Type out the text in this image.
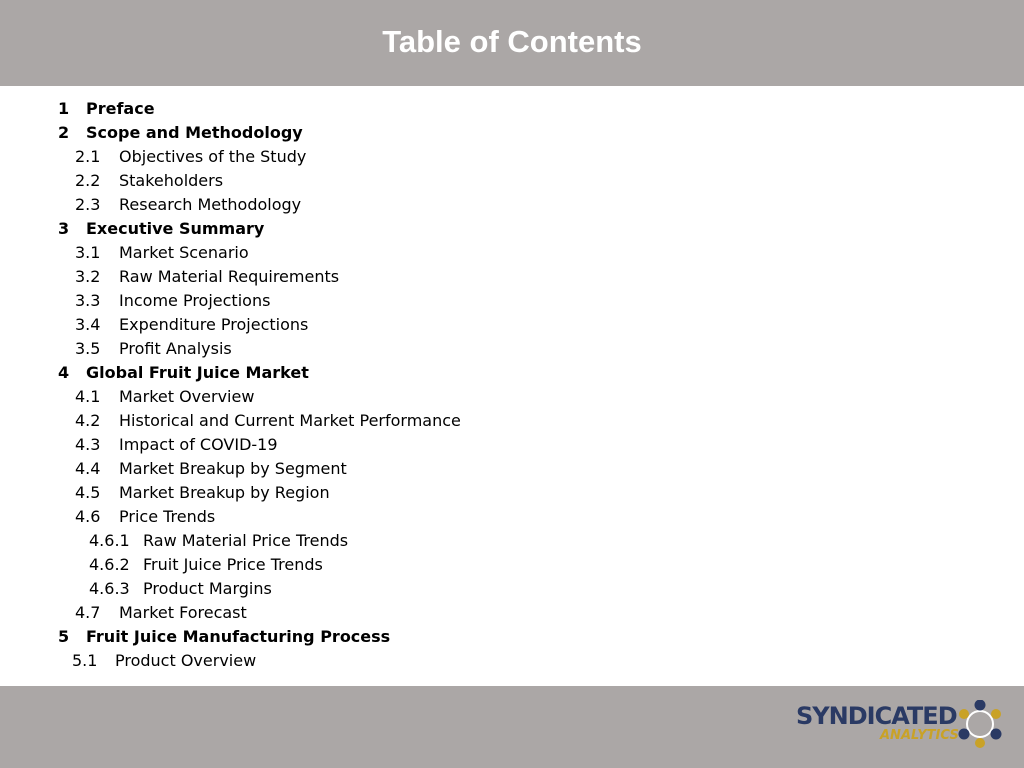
Table of Contents
1 Preface
2 Scope and Methodology
2.1 Objectives of the Study
2.2 Stakeholders
2.3 Research Methodology
3 Executive Summary
3.1 Market Scenario
3.2 Raw Material Requirements
3.3 Income Projections
3.4 Expenditure Projections
3.5 Profit Analysis
4 Global Fruit Juice Market
4.1 Market Overview
4.2 Historical and Current Market Performance
4.3 Impact of COVID-19
4.4 Market Breakup by Segment
4.5 Market Breakup by Region
4.6 Price Trends
4.6.1 Raw Material Price Trends
4.6.2 Fruit Juice Price Trends
4.6.3 Product Margins
4.7 Market Forecast
5 Fruit Juice Manufacturing Process
5.1 Product Overview
SYNDICATED
ANALYTICS
